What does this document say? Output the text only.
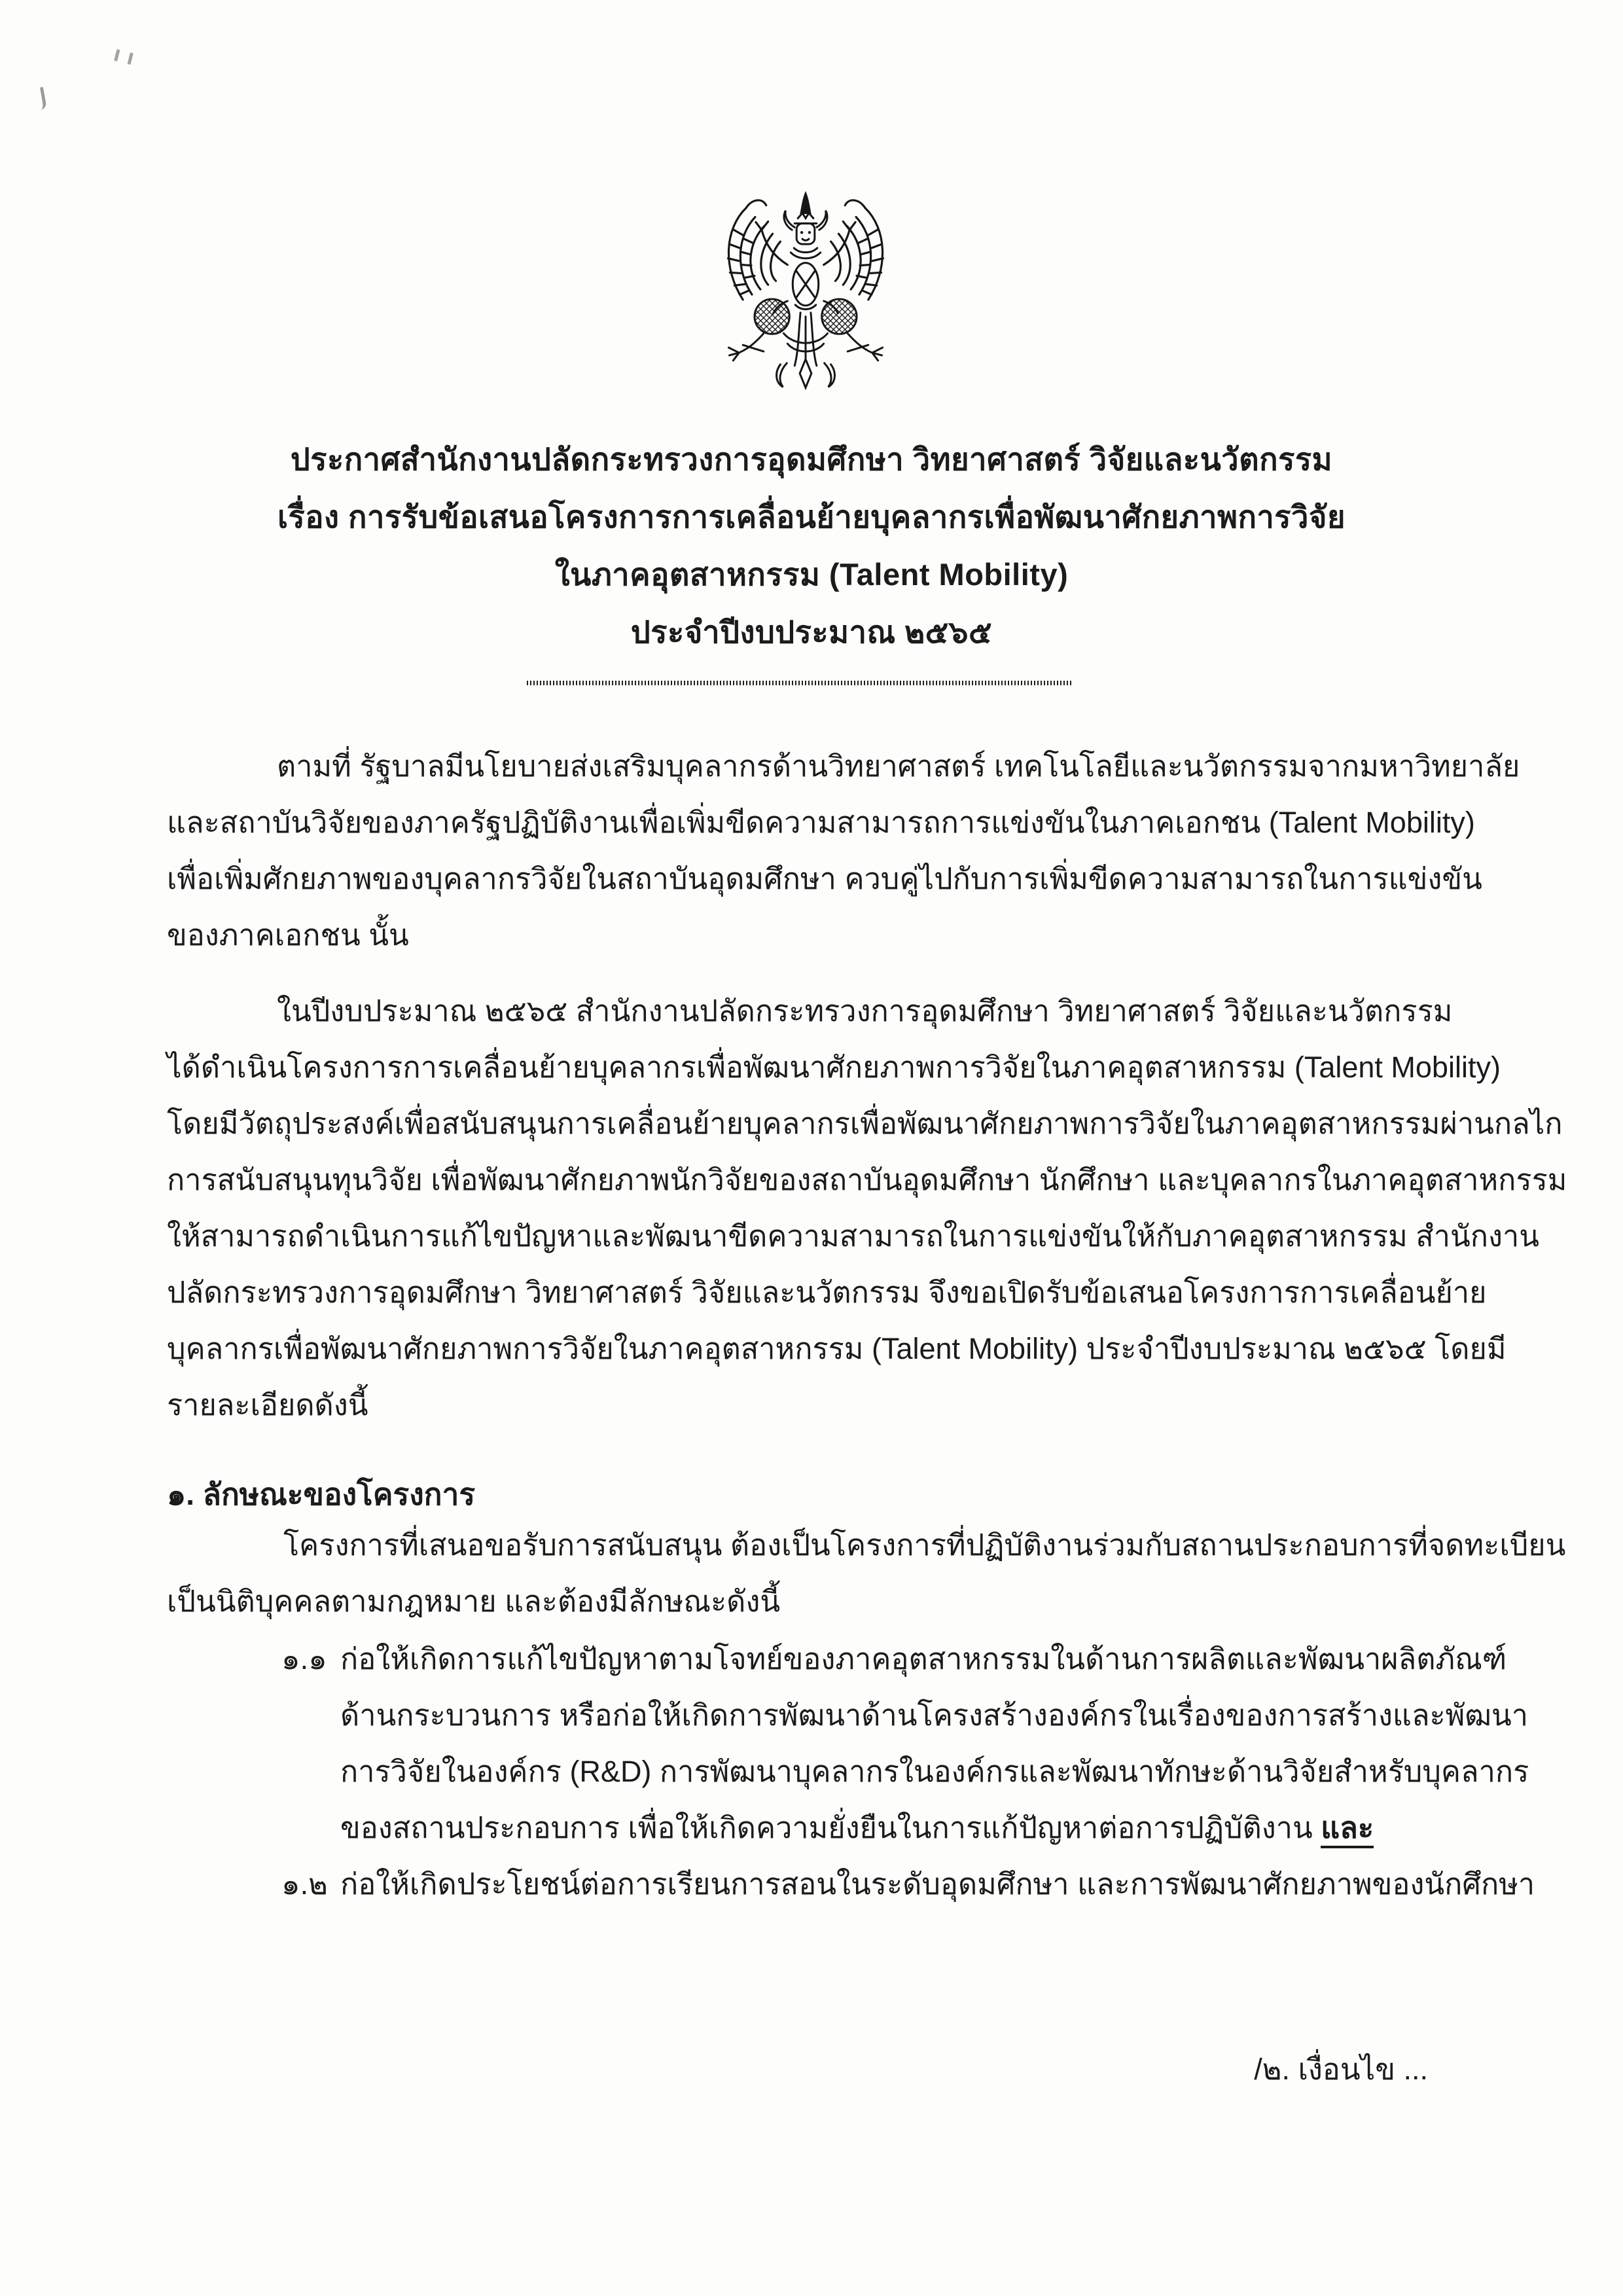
ประกาศสำนักงานปลัดกระทรวงการอุดมศึกษา วิทยาศาสตร์ วิจัยและนวัตกรรม
เรื่อง การรับข้อเสนอโครงการการเคลื่อนย้ายบุคลากรเพื่อพัฒนาศักยภาพการวิจัย
ในภาคอุตสาหกรรม (Talent Mobility)
ประจำปีงบประมาณ ๒๕๖๕
ตามที่ รัฐบาลมีนโยบายส่งเสริมบุคลากรด้านวิทยาศาสตร์ เทคโนโลยีและนวัตกรรมจากมหาวิทยาลัย
และสถาบันวิจัยของภาครัฐปฏิบัติงานเพื่อเพิ่มขีดความสามารถการแข่งขันในภาคเอกชน (Talent Mobility)
เพื่อเพิ่มศักยภาพของบุคลากรวิจัยในสถาบันอุดมศึกษา ควบคู่ไปกับการเพิ่มขีดความสามารถในการแข่งขัน
ของภาคเอกชน นั้น
ในปีงบประมาณ ๒๕๖๕ สำนักงานปลัดกระทรวงการอุดมศึกษา วิทยาศาสตร์ วิจัยและนวัตกรรม
ได้ดำเนินโครงการการเคลื่อนย้ายบุคลากรเพื่อพัฒนาศักยภาพการวิจัยในภาคอุตสาหกรรม (Talent Mobility)
โดยมีวัตถุประสงค์เพื่อสนับสนุนการเคลื่อนย้ายบุคลากรเพื่อพัฒนาศักยภาพการวิจัยในภาคอุตสาหกรรมผ่านกลไก
การสนับสนุนทุนวิจัย เพื่อพัฒนาศักยภาพนักวิจัยของสถาบันอุดมศึกษา นักศึกษา และบุคลากรในภาคอุตสาหกรรม
ให้สามารถดำเนินการแก้ไขปัญหาและพัฒนาขีดความสามารถในการแข่งขันให้กับภาคอุตสาหกรรม สำนักงาน
ปลัดกระทรวงการอุดมศึกษา วิทยาศาสตร์ วิจัยและนวัตกรรม จึงขอเปิดรับข้อเสนอโครงการการเคลื่อนย้าย
บุคลากรเพื่อพัฒนาศักยภาพการวิจัยในภาคอุตสาหกรรม (Talent Mobility) ประจำปีงบประมาณ ๒๕๖๕ โดยมี
รายละเอียดดังนี้
๑. ลักษณะของโครงการ
โครงการที่เสนอขอรับการสนับสนุน ต้องเป็นโครงการที่ปฏิบัติงานร่วมกับสถานประกอบการที่จดทะเบียน
เป็นนิติบุคคลตามกฎหมาย และต้องมีลักษณะดังนี้
๑.๑ ก่อให้เกิดการแก้ไขปัญหาตามโจทย์ของภาคอุตสาหกรรมในด้านการผลิตและพัฒนาผลิตภัณฑ์
ด้านกระบวนการ หรือก่อให้เกิดการพัฒนาด้านโครงสร้างองค์กรในเรื่องของการสร้างและพัฒนา
การวิจัยในองค์กร (R&D) การพัฒนาบุคลากรในองค์กรและพัฒนาทักษะด้านวิจัยสำหรับบุคลากร
ของสถานประกอบการ เพื่อให้เกิดความยั่งยืนในการแก้ปัญหาต่อการปฏิบัติงาน และ
๑.๒ ก่อให้เกิดประโยชน์ต่อการเรียนการสอนในระดับอุดมศึกษา และการพัฒนาศักยภาพของนักศึกษา
/๒. เงื่อนไข ...
